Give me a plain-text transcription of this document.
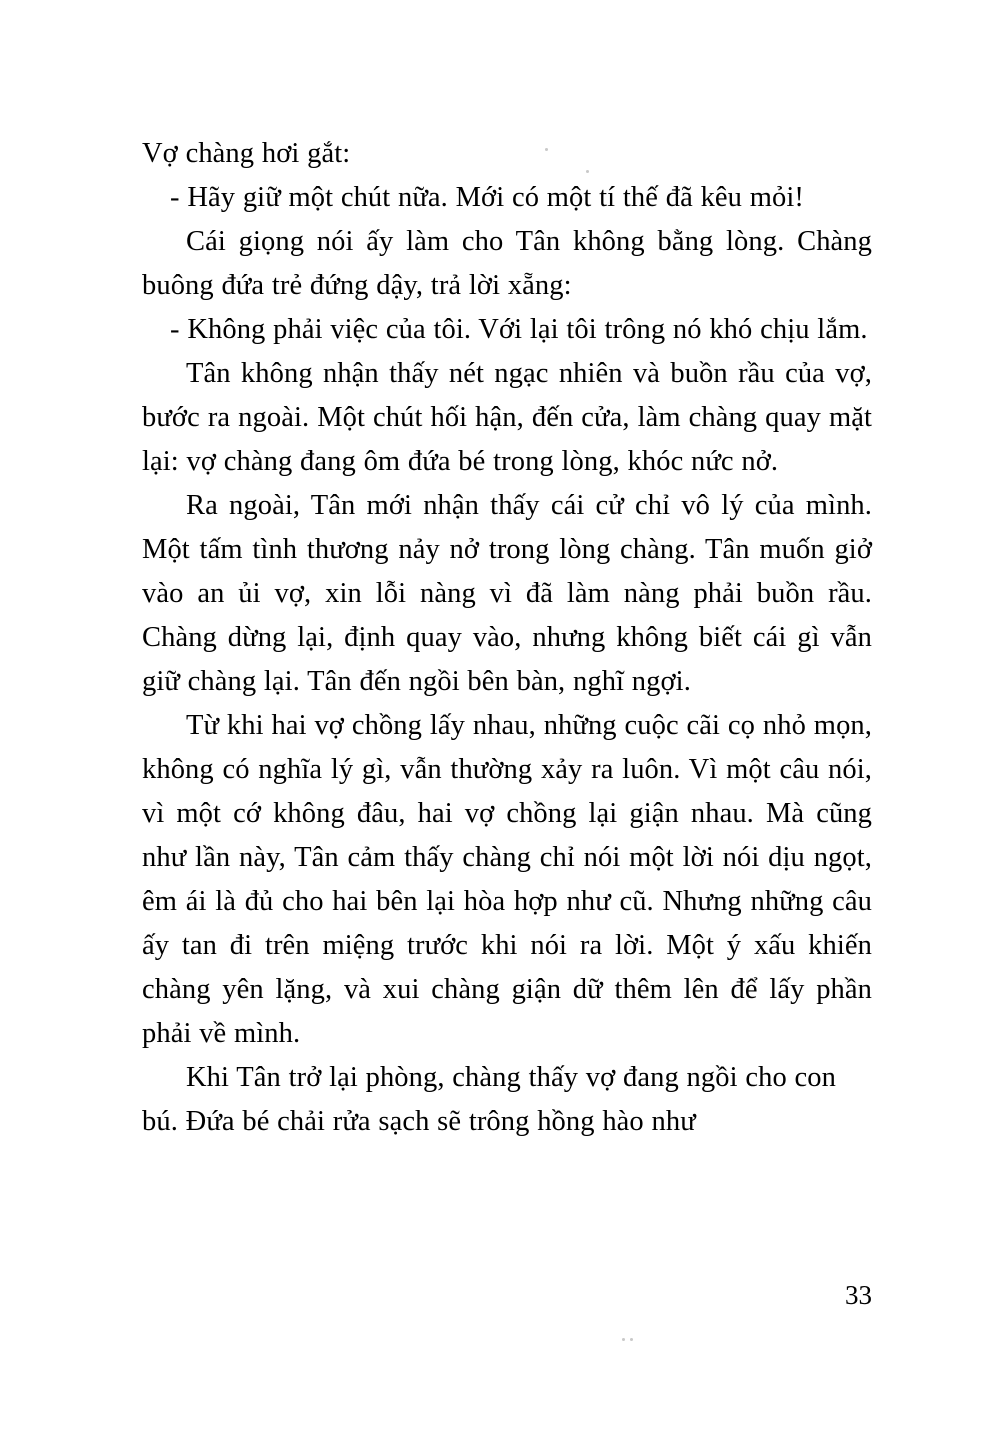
Vợ chàng hơi gắt:

- Hãy giữ một chút nữa. Mới có một tí thế đã kêu mỏi!

Cái giọng nói ấy làm cho Tân không bằng lòng. Chàng buông đứa trẻ đứng dậy, trả lời xẵng:

- Không phải việc của tôi. Với lại tôi trông nó khó chịu lắm.

Tân không nhận thấy nét ngạc nhiên và buồn rầu của vợ, bước ra ngoài. Một chút hối hận, đến cửa, làm chàng quay mặt lại: vợ chàng đang ôm đứa bé trong lòng, khóc nức nở.

Ra ngoài, Tân mới nhận thấy cái cử chỉ vô lý của mình. Một tấm tình thương nảy nở trong lòng chàng. Tân muốn giở vào an ủi vợ, xin lỗi nàng vì đã làm nàng phải buồn rầu. Chàng dừng lại, định quay vào, nhưng không biết cái gì vẫn giữ chàng lại. Tân đến ngồi bên bàn, nghĩ ngợi.

Từ khi hai vợ chồng lấy nhau, những cuộc cãi cọ nhỏ mọn, không có nghĩa lý gì, vẫn thường xảy ra luôn. Vì một câu nói, vì một cớ không đâu, hai vợ chồng lại giận nhau. Mà cũng như lần này, Tân cảm thấy chàng chỉ nói một lời nói dịu ngọt, êm ái là đủ cho hai bên lại hòa hợp như cũ. Nhưng những câu ấy tan đi trên miệng trước khi nói ra lời. Một ý xấu khiến chàng yên lặng, và xui chàng giận dữ thêm lên để lấy phần phải về mình.

Khi Tân trở lại phòng, chàng thấy vợ đang ngồi cho con bú. Đứa bé chải rửa sạch sẽ trông hồng hào như

33
